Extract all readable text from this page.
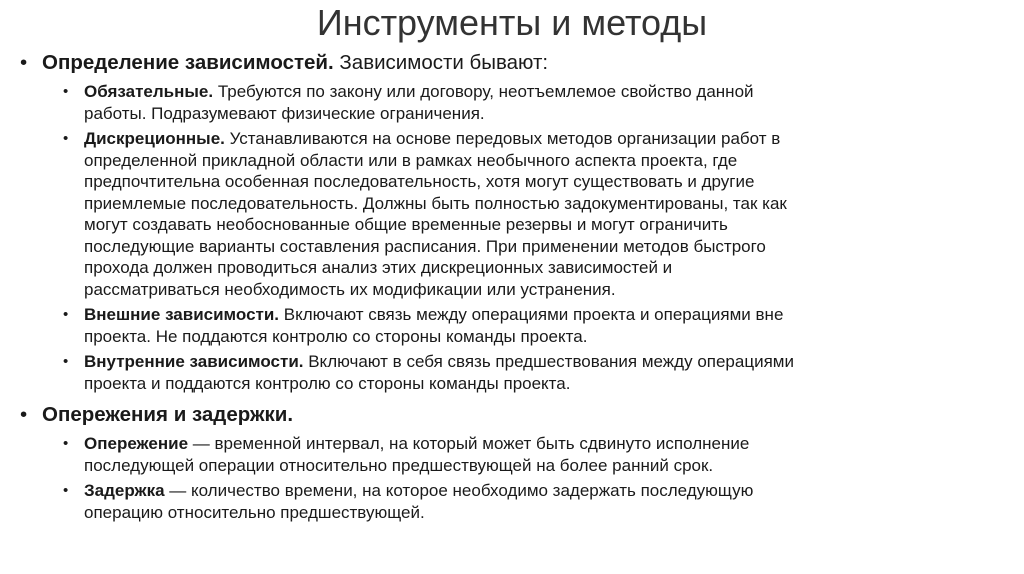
Инструменты и методы

• Определение зависимостей. Зависимости бывают:

• Обязательные. Требуются по закону или договору, неотъемлемое свойство данной
работы. Подразумевают физические ограничения.

• Дискреционные. Устанавливаются на основе передовых методов организации работ в
определенной прикладной области или в рамках необычного аспекта проекта, где
предпочтительна особенная последовательность, хотя могут существовать и другие
приемлемые последовательность. Должны быть полностью задокументированы, так как
могут создавать необоснованные общие временные резервы и могут ограничить
последующие варианты составления расписания. При применении методов быстрого
прохода должен проводиться анализ этих дискреционных зависимостей и
рассматриваться необходимость их модификации или устранения.

• Внешние зависимости. Включают связь между операциями проекта и операциями вне
проекта. Не поддаются контролю со стороны команды проекта.

• Внутренние зависимости. Включают в себя связь предшествования между операциями
проекта и поддаются контролю со стороны команды проекта.

• Опережения и задержки.

• Опережение — временной интервал, на который может быть сдвинуто исполнение
последующей операции относительно предшествующей на более ранний срок.

• Задержка — количество времени, на которое необходимо задержать последующую
операцию относительно предшествующей.
